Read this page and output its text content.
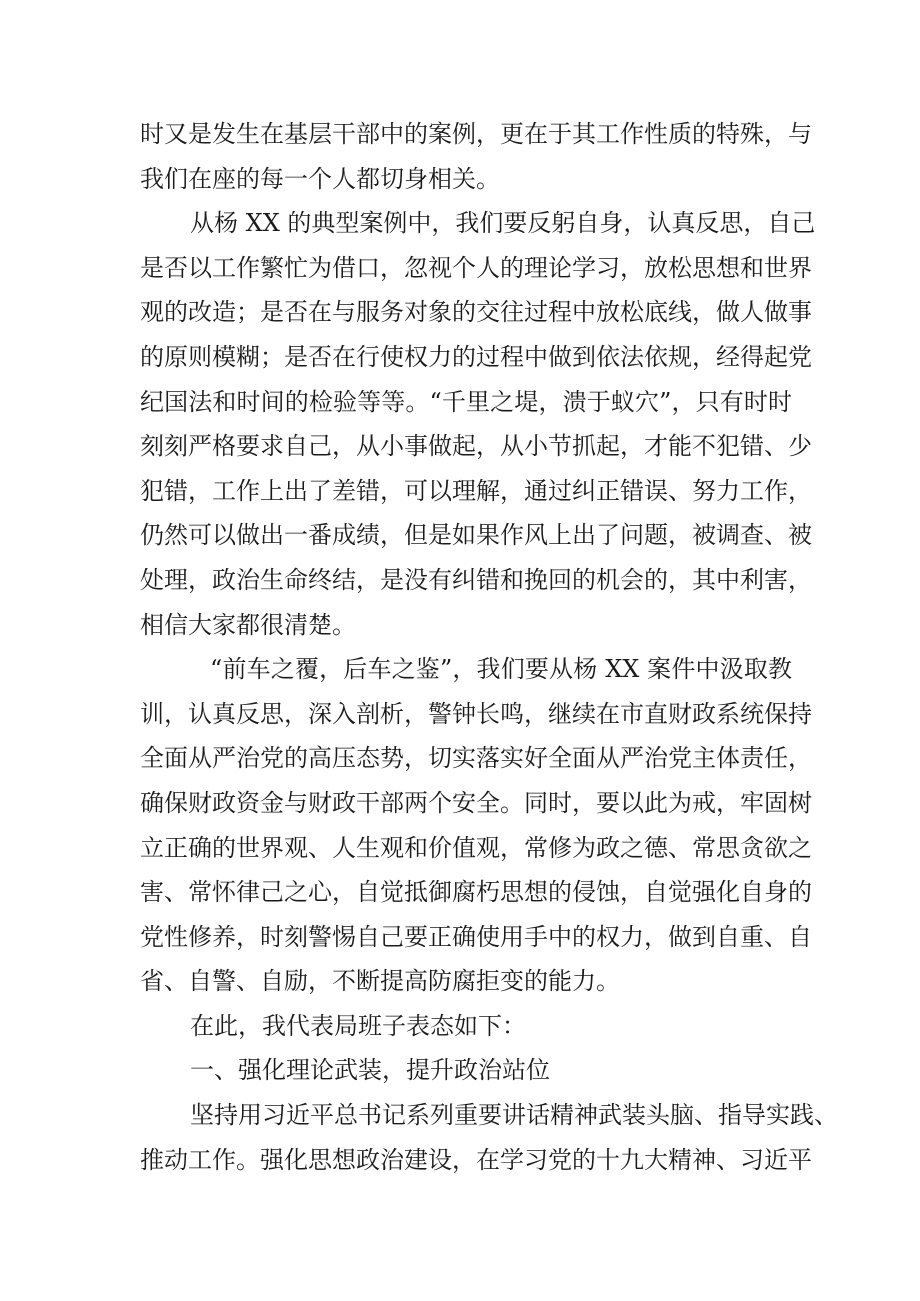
时又是发生在基层干部中的案例，更在于其工作性质的特殊，与
我们在座的每一个人都切身相关。
从杨 XX 的典型案例中，我们要反躬自身，认真反思，自己
是否以工作繁忙为借口，忽视个人的理论学习，放松思想和世界
观的改造；是否在与服务对象的交往过程中放松底线，做人做事
的原则模糊；是否在行使权力的过程中做到依法依规，经得起党
纪国法和时间的检验等等。“千里之堤，溃于蚁穴”，只有时时
刻刻严格要求自己，从小事做起，从小节抓起，才能不犯错、少
犯错，工作上出了差错，可以理解，通过纠正错误、努力工作，
仍然可以做出一番成绩，但是如果作风上出了问题，被调查、被
处理，政治生命终结，是没有纠错和挽回的机会的，其中利害，
相信大家都很清楚。
“前车之覆，后车之鉴”，我们要从杨 XX 案件中汲取教
训，认真反思，深入剖析，警钟长鸣，继续在市直财政系统保持
全面从严治党的高压态势，切实落实好全面从严治党主体责任，
确保财政资金与财政干部两个安全。同时，要以此为戒，牢固树
立正确的世界观、人生观和价值观，常修为政之德、常思贪欲之
害、常怀律己之心，自觉抵御腐朽思想的侵蚀，自觉强化自身的
党性修养，时刻警惕自己要正确使用手中的权力，做到自重、自
省、自警、自励，不断提高防腐拒变的能力。
在此，我代表局班子表态如下：
一、强化理论武装，提升政治站位
坚持用习近平总书记系列重要讲话精神武装头脑、指导实践、
推动工作。强化思想政治建设，在学习党的十九大精神、习近平
